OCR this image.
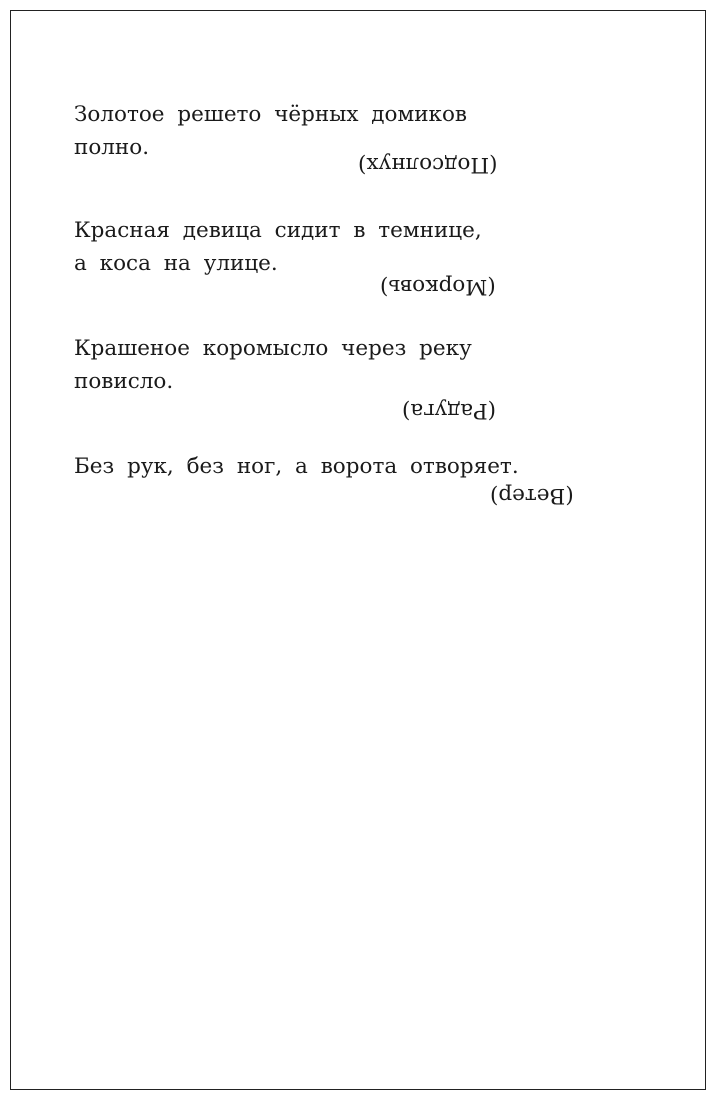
Золотое решето чёрных домиков
полно.

(Подсолнух)

Красная девица сидит в темнице,
а коса на улице.

(Морковь)

Крашеное коромысло через реку
повисло.

(Радуга)

Без рук, без ног, а ворота отворяет.

(Ветер)
